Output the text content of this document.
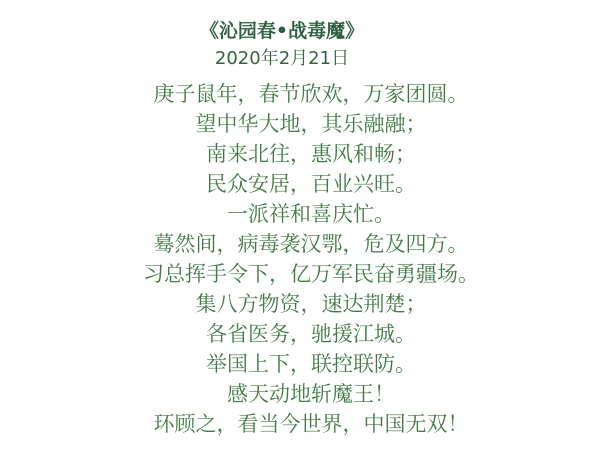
《沁园春•战毒魔》
2020年2月21日
庚子鼠年，春节欣欢，万家团圆。
望中华大地，其乐融融；
南来北往，惠风和畅；
民众安居，百业兴旺。
一派祥和喜庆忙。
蓦然间，病毒袭汉鄂，危及四方。
习总挥手令下，亿万军民奋勇疆场。
集八方物资，速达荆楚；
各省医务，驰援江城。
举国上下，联控联防。
感天动地斩魔王！
环顾之，看当今世界，中国无双！
